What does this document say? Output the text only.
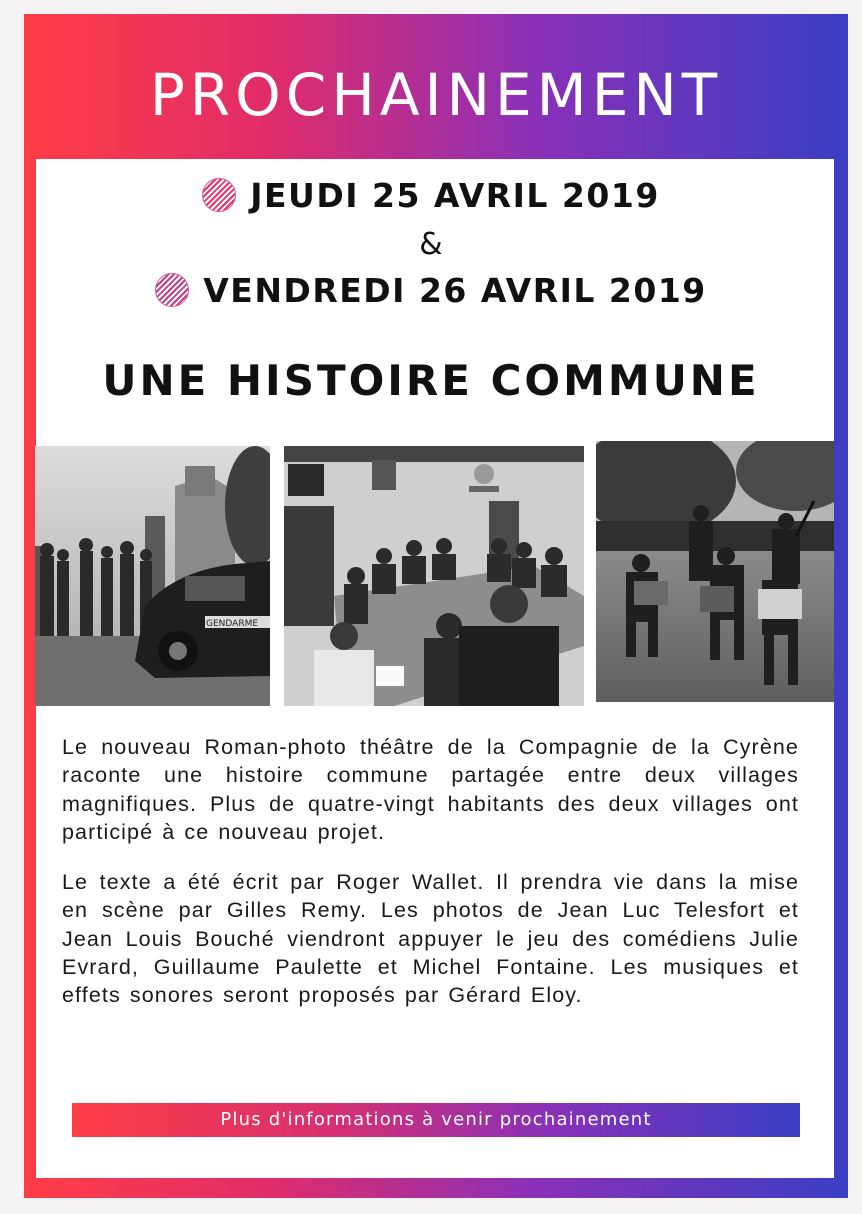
PROCHAINEMENT
JEUDI 25 AVRIL 2019
&
VENDREDI 26 AVRIL 2019
UNE HISTOIRE COMMUNE
GENDARME
Le nouveau Roman-photo théâtre de la Compagnie de la Cyrène raconte une histoire commune partagée entre deux villages magnifiques. Plus de quatre-vingt habitants des deux villages ont participé à ce nouveau projet.
Le texte a été écrit par Roger Wallet. Il prendra vie dans la mise en scène par Gilles Remy. Les photos de Jean Luc Telesfort et Jean Louis Bouché viendront appuyer le jeu des comédiens Julie Evrard, Guillaume Paulette et Michel Fontaine. Les musiques et effets sonores seront proposés par Gérard Eloy.
Plus d'informations à venir prochainement
